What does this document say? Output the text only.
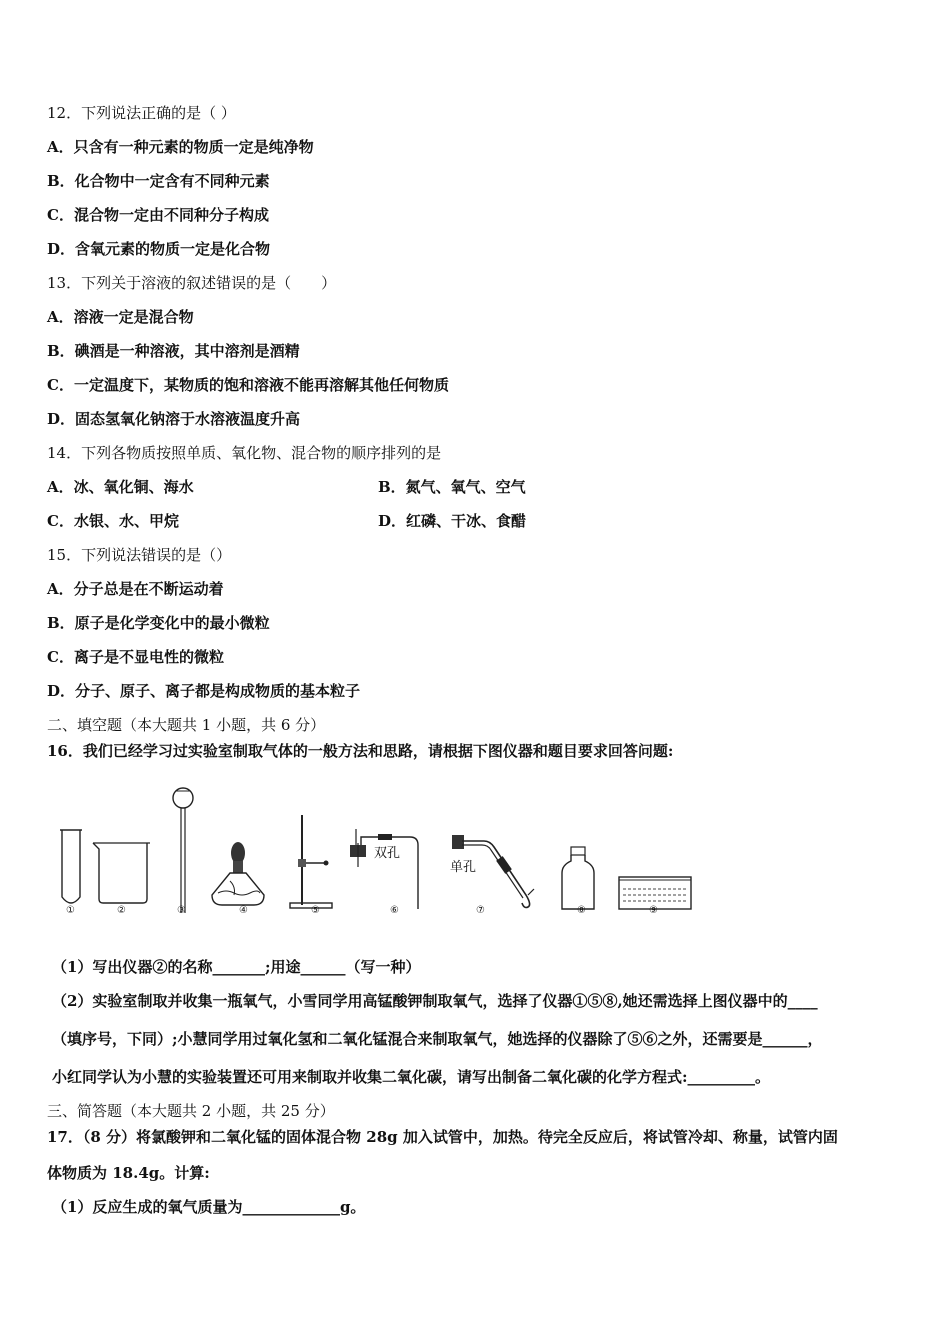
12．下列说法正确的是（ ）
A．只含有一种元素的物质一定是纯净物
B．化合物中一定含有不同种元素
C．混合物一定由不同种分子构成
D．含氧元素的物质一定是化合物
13．下列关于溶液的叙述错误的是（　　）
A．溶液一定是混合物
B．碘酒是一种溶液，其中溶剂是酒精
C．一定温度下，某物质的饱和溶液不能再溶解其他任何物质
D．固态氢氧化钠溶于水溶液温度升高
14．下列各物质按照单质、氧化物、混合物的顺序排列的是
A．冰、氧化铜、海水	B．氮气、氧气、空气
C．水银、水、甲烷	D．红磷、干冰、食醋
15．下列说法错误的是（）
A．分子总是在不断运动着
B．原子是化学变化中的最小微粒
C．离子是不显电性的微粒
D．分子、原子、离子都是构成物质的基本粒子
二、填空题（本大题共 1 小题，共 6 分）
16．我们已经学习过实验室制取气体的一般方法和思路，请根据下图仪器和题目要求回答问题:
双孔
单孔
①	②	③	④	⑤	⑥	⑦	⑧	⑨
（1）写出仪器②的名称_______;用途______（写一种）
（2）实验室制取并收集一瓶氧气，小雪同学用高锰酸钾制取氧气，选择了仪器①⑤⑧,她还需选择上图仪器中的____
（填序号，下同）;小慧同学用过氧化氢和二氧化锰混合来制取氧气，她选择的仪器除了⑤⑥之外，还需要是______，
小红同学认为小慧的实验装置还可用来制取并收集二氧化碳，请写出制备二氧化碳的化学方程式:_________。
三、简答题（本大题共 2 小题，共 25 分）
17．（8 分）将氯酸钾和二氧化锰的固体混合物 28g 加入试管中，加热。待完全反应后，将试管冷却、称量，试管内固
体物质为 18.4g。计算:
（1）反应生成的氧气质量为_____________g。
